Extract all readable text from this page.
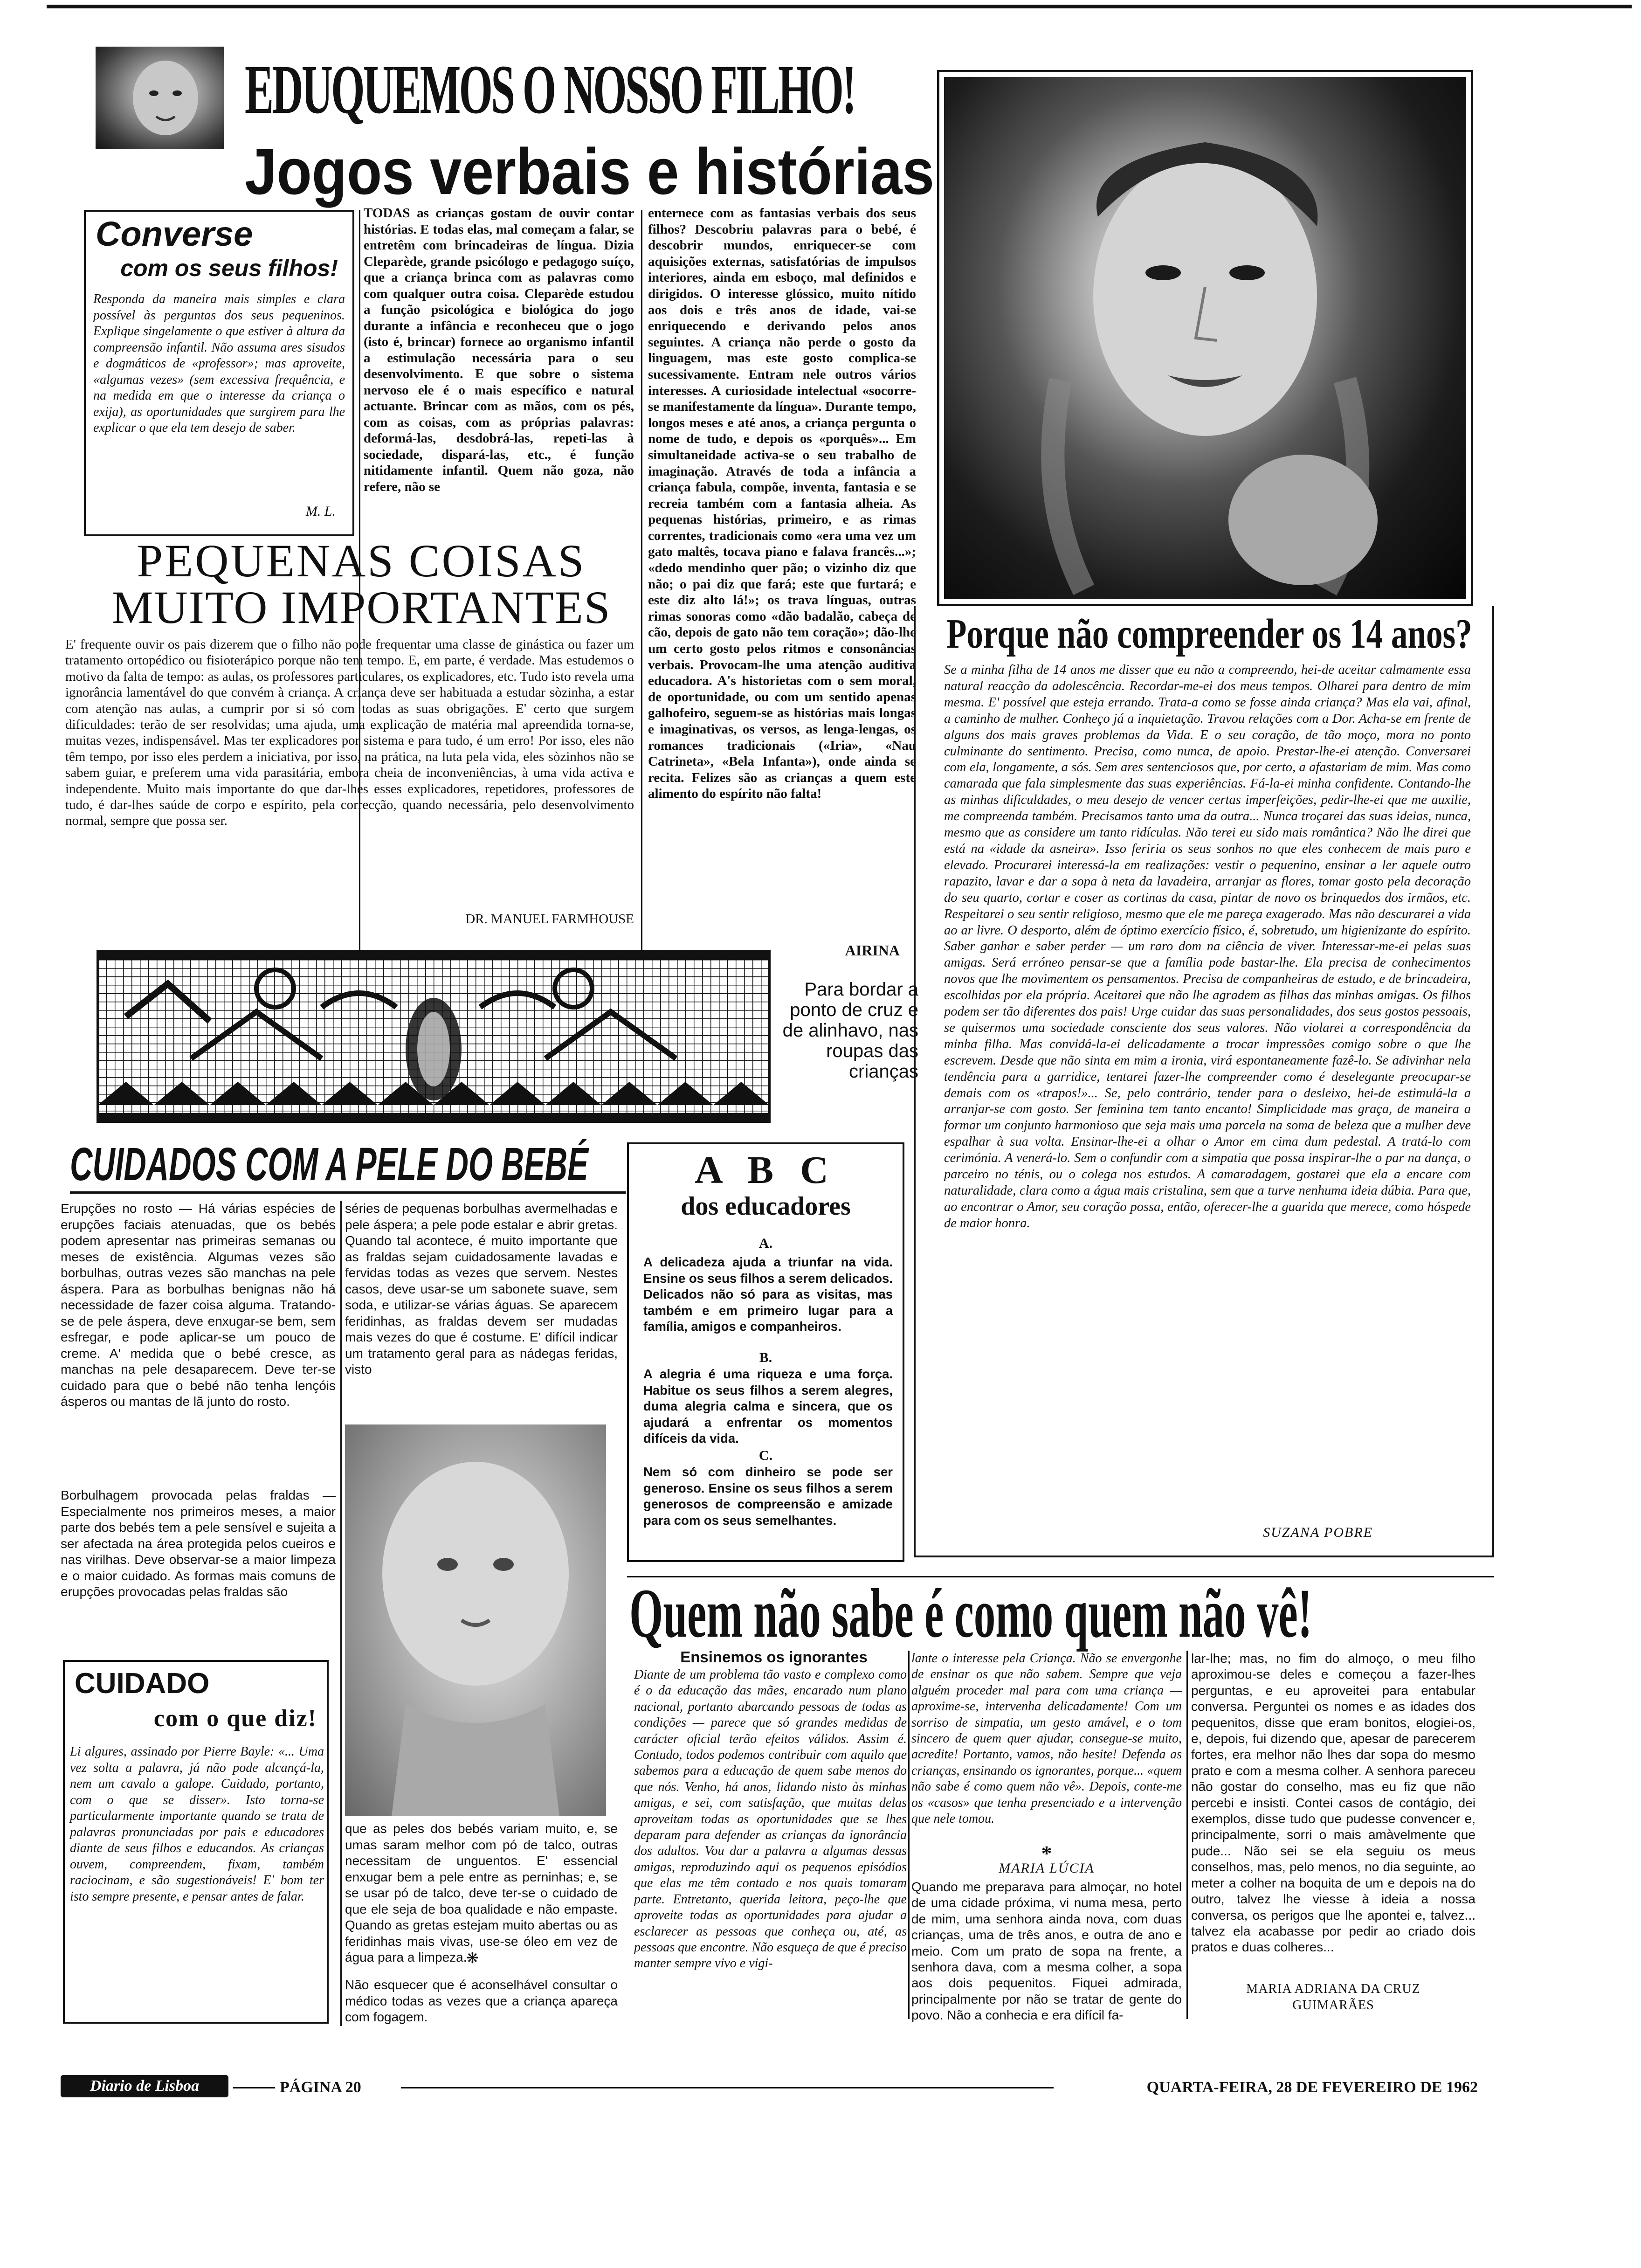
EDUQUEMOS O NOSSO FILHO!
Jogos verbais e histórias
Converse
com os seus filhos!
Responda da maneira mais simples e clara possível às perguntas dos seus pequeninos. Explique singelamente o que estiver à altura da compreensão infantil. Não assuma ares sisudos e dogmáticos de «professor»; mas aproveite, «algumas vezes» (sem excessiva frequência, e na medida em que o interesse da criança o exija), as oportunidades que surgirem para lhe explicar o que ela tem desejo de saber.
M. L.
TODAS as crianças gostam de ouvir contar histórias. E todas elas, mal começam a falar, se entretêm com brincadeiras de língua. Dizia Cleparède, grande psicólogo e pedagogo suíço, que a criança brinca com as palavras como com qualquer outra coisa. Cleparède estudou a função psicológica e biológica do jogo durante a infância e reconheceu que o jogo (isto é, brincar) fornece ao organismo infantil a estimulação necessária para o seu desenvolvimento. E que sobre o sistema nervoso ele é o mais específico e natural actuante. Brincar com as mãos, com os pés, com as coisas, com as próprias palavras: deformá-las, desdobrá-las, repeti-las à sociedade, dispará-las, etc., é função nitidamente infantil. Quem não goza, não refere, não se
enternece com as fantasias verbais dos seus filhos? Descobriu palavras para o bebé, é descobrir mundos, enriquecer-se com aquisições externas, satisfatórias de impulsos interiores, ainda em esboço, mal definidos e dirigidos. O interesse glóssico, muito nítido aos dois e três anos de idade, vai-se enriquecendo e derivando pelos anos seguintes. A criança não perde o gosto da linguagem, mas este gosto complica-se sucessivamente. Entram nele outros vários interesses. A curiosidade intelectual «socorre-se manifestamente da língua». Durante tempo, longos meses e até anos, a criança pergunta o nome de tudo, e depois os «porquês»... Em simultaneidade activa-se o seu trabalho de imaginação. Através de toda a infância a criança fabula, compõe, inventa, fantasia e se recreia também com a fantasia alheia. As pequenas histórias, primeiro, e as rimas correntes, tradicionais como «era uma vez um gato maltês, tocava piano e falava francês...»; «dedo mendinho quer pão; o vizinho diz que não; o pai diz que fará; este que furtará; e este diz alto lá!»; os trava línguas, outras rimas sonoras como «dão badalão, cabeça de cão, depois de gato não tem coração»; dão-lhe um certo gosto pelos ritmos e consonâncias verbais. Provocam-lhe uma atenção auditiva educadora. A's historietas com o sem moral, de oportunidade, ou com um sentido apenas galhofeiro, seguem-se as histórias mais longas e imaginativas, os versos, as lenga-lengas, os romances tradicionais («Iria», «Nau Catrineta», «Bela Infanta»), onde ainda se recita. Felizes são as crianças a quem este alimento do espírito não falta!
AIRINA
PEQUENAS COISAS
MUITO IMPORTANTES
E' frequente ouvir os pais dizerem que o filho não pode frequentar uma classe de ginástica ou fazer um tratamento ortopédico ou fisioterápico porque não tem tempo. E, em parte, é verdade. Mas estudemos o motivo da falta de tempo: as aulas, os professores particulares, os explicadores, etc. Tudo isto revela uma ignorância lamentável do que convém à criança. A criança deve ser habituada a estudar sòzinha, a estar com atenção nas aulas, a cumprir por si só com todas as suas obrigações. E' certo que surgem dificuldades: terão de ser resolvidas; uma ajuda, uma explicação de matéria mal apreendida torna-se, muitas vezes, indispensável. Mas ter explicadores por sistema e para tudo, é um erro! Por isso, eles não têm tempo, por isso eles perdem a iniciativa, por isso, na prática, na luta pela vida, eles sòzinhos não se sabem guiar, e preferem uma vida parasitária, embora cheia de inconveniências, à uma vida activa e independente. Muito mais importante do que dar-lhes esses explicadores, repetidores, professores de tudo, é dar-lhes saúde de corpo e espírito, pela correcção, quando necessária, pelo desenvolvimento normal, sempre que possa ser.
DR. MANUEL FARMHOUSE
Para bordar a ponto de cruz e de alinhavo, nas roupas das crianças
Porque não compreender os 14 anos?
Se a minha filha de 14 anos me disser que eu não a compreendo, hei-de aceitar calmamente essa natural reacção da adolescência. Recordar-me-ei dos meus tempos. Olharei para dentro de mim mesma. E' possível que esteja errando. Trata-a como se fosse ainda criança? Mas ela vai, afinal, a caminho de mulher. Conheço já a inquietação. Travou relações com a Dor. Acha-se em frente de alguns dos mais graves problemas da Vida. E o seu coração, de tão moço, mora no ponto culminante do sentimento. Precisa, como nunca, de apoio. Prestar-lhe-ei atenção. Conversarei com ela, longamente, a sós. Sem ares sentenciosos que, por certo, a afastariam de mim. Mas como camarada que fala simplesmente das suas experiências. Fá-la-ei minha confidente. Contando-lhe as minhas dificuldades, o meu desejo de vencer certas imperfeições, pedir-lhe-ei que me auxilie, me compreenda também. Precisamos tanto uma da outra... Nunca troçarei das suas ideias, nunca, mesmo que as considere um tanto ridículas. Não terei eu sido mais romântica? Não lhe direi que está na «idade da asneira». Isso feriria os seus sonhos no que eles conhecem de mais puro e elevado. Procurarei interessá-la em realizações: vestir o pequenino, ensinar a ler aquele outro rapazito, lavar e dar a sopa à neta da lavadeira, arranjar as flores, tomar gosto pela decoração do seu quarto, cortar e coser as cortinas da casa, pintar de novo os brinquedos dos irmãos, etc. Respeitarei o seu sentir religioso, mesmo que ele me pareça exagerado. Mas não descurarei a vida ao ar livre. O desporto, além de óptimo exercício físico, é, sobretudo, um higienizante do espírito. Saber ganhar e saber perder — um raro dom na ciência de viver. Interessar-me-ei pelas suas amigas. Será erróneo pensar-se que a família pode bastar-lhe. Ela precisa de conhecimentos novos que lhe movimentem os pensamentos. Precisa de companheiras de estudo, e de brincadeira, escolhidas por ela própria. Aceitarei que não lhe agradem as filhas das minhas amigas. Os filhos podem ser tão diferentes dos pais! Urge cuidar das suas personalidades, dos seus gostos pessoais, se quisermos uma sociedade consciente dos seus valores. Não violarei a correspondência da minha filha. Mas convidá-la-ei delicadamente a trocar impressões comigo sobre o que lhe escrevem. Desde que não sinta em mim a ironia, virá espontaneamente fazê-lo. Se adivinhar nela tendência para a garridice, tentarei fazer-lhe compreender como é deselegante preocupar-se demais com os «trapos!»... Se, pelo contrário, tender para o desleixo, hei-de estimulá-la a arranjar-se com gosto. Ser feminina tem tanto encanto! Simplicidade mas graça, de maneira a formar um conjunto harmonioso que seja mais uma parcela na soma de beleza que a mulher deve espalhar à sua volta. Ensinar-lhe-ei a olhar o Amor em cima dum pedestal. A tratá-lo com cerimónia. A venerá-lo. Sem o confundir com a simpatia que possa inspirar-lhe o par na dança, o parceiro no ténis, ou o colega nos estudos. A camaradagem, gostarei que ela a encare com naturalidade, clara como a água mais cristalina, sem que a turve nenhuma ideia dúbia. Para que, ao encontrar o Amor, seu coração possa, então, oferecer-lhe a guarida que merece, como hóspede de maior honra.
SUZANA POBRE
CUIDADOS COM A PELE DO BEBÉ
Erupções no rosto — Há várias espécies de erupções faciais atenuadas, que os bebés podem apresentar nas primeiras semanas ou meses de existência. Algumas vezes são borbulhas, outras vezes são manchas na pele áspera. Para as borbulhas benignas não há necessidade de fazer coisa alguma. Tratando-se de pele áspera, deve enxugar-se bem, sem esfregar, e pode aplicar-se um pouco de creme. A' medida que o bebé cresce, as manchas na pele desaparecem. Deve ter-se cuidado para que o bebé não tenha lençóis ásperos ou mantas de lã junto do rosto.
Borbulhagem provocada pelas fraldas — Especialmente nos primeiros meses, a maior parte dos bebés tem a pele sensível e sujeita a ser afectada na área protegida pelos cueiros e nas virilhas. Deve observar-se a maior limpeza e o maior cuidado. As formas mais comuns de erupções provocadas pelas fraldas são
séries de pequenas borbulhas avermelhadas e pele áspera; a pele pode estalar e abrir gretas. Quando tal acontece, é muito importante que as fraldas sejam cuidadosamente lavadas e fervidas todas as vezes que servem. Nestes casos, deve usar-se um sabonete suave, sem soda, e utilizar-se várias águas. Se aparecem feridinhas, as fraldas devem ser mudadas mais vezes do que é costume. E' difícil indicar um tratamento geral para as nádegas feridas, visto
que as peles dos bebés variam muito, e, se umas saram melhor com pó de talco, outras necessitam de unguentos. E' essencial enxugar bem a pele entre as perninhas; e, se se usar pó de talco, deve ter-se o cuidado de que ele seja de boa qualidade e não empaste. Quando as gretas estejam muito abertas ou as feridinhas mais vivas, use-se óleo em vez de água para a limpeza.
❋
Não esquecer que é aconselhável consultar o médico todas as vezes que a criança apareça com fogagem.
A B C
dos educadores
A.
A delicadeza ajuda a triunfar na vida. Ensine os seus filhos a serem delicados. Delicados não só para as visitas, mas também e em primeiro lugar para a família, amigos e companheiros.
B.
A alegria é uma riqueza e uma força. Habitue os seus filhos a serem alegres, duma alegria calma e sincera, que os ajudará a enfrentar os momentos difíceis da vida.
C.
Nem só com dinheiro se pode ser generoso. Ensine os seus filhos a serem generosos de compreensão e amizade para com os seus semelhantes.
CUIDADO
com o que diz!
Li algures, assinado por Pierre Bayle: «... Uma vez solta a palavra, já não pode alcançá-la, nem um cavalo a galope. Cuidado, portanto, com o que se disser». Isto torna-se particularmente importante quando se trata de palavras pronunciadas por pais e educadores diante de seus filhos e educandos. As crianças ouvem, compreendem, fixam, também raciocinam, e são sugestionáveis! E' bom ter isto sempre presente, e pensar antes de falar.
Quem não sabe é como quem não vê!
Ensinemos os ignorantes
Diante de um problema tão vasto e complexo como é o da educação das mães, encarado num plano nacional, portanto abarcando pessoas de todas as condições — parece que só grandes medidas de carácter oficial terão efeitos válidos. Assim é. Contudo, todos podemos contribuir com aquilo que sabemos para a educação de quem sabe menos do que nós. Venho, há anos, lidando nisto às minhas amigas, e sei, com satisfação, que muitas delas aproveitam todas as oportunidades que se lhes deparam para defender as crianças da ignorância dos adultos. Vou dar a palavra a algumas dessas amigas, reproduzindo aqui os pequenos episódios que elas me têm contado e nos quais tomaram parte. Entretanto, querida leitora, peço-lhe que aproveite todas as oportunidades para ajudar a esclarecer as pessoas que conheça ou, até, as pessoas que encontre. Não esqueça de que é preciso manter sempre vivo e vigi-
lante o interesse pela Criança. Não se envergonhe de ensinar os que não sabem. Sempre que veja alguém proceder mal para com uma criança — aproxime-se, intervenha delicadamente! Com um sorriso de simpatia, um gesto amável, e o tom sincero de quem quer ajudar, consegue-se muito, acredite! Portanto, vamos, não hesite! Defenda as crianças, ensinando os ignorantes, porque... «quem não sabe é como quem não vê». Depois, conte-me os «casos» que tenha presenciado e a intervenção que nele tomou.
*
MARIA LÚCIA
Quando me preparava para almoçar, no hotel de uma cidade próxima, vi numa mesa, perto de mim, uma senhora ainda nova, com duas crianças, uma de três anos, e outra de ano e meio. Com um prato de sopa na frente, a senhora dava, com a mesma colher, a sopa aos dois pequenitos. Fiquei admirada, principalmente por não se tratar de gente do povo. Não a conhecia e era difícil fa-
lar-lhe; mas, no fim do almoço, o meu filho aproximou-se deles e começou a fazer-lhes perguntas, e eu aproveitei para entabular conversa. Perguntei os nomes e as idades dos pequenitos, disse que eram bonitos, elogiei-os, e, depois, fui dizendo que, apesar de parecerem fortes, era melhor não lhes dar sopa do mesmo prato e com a mesma colher. A senhora pareceu não gostar do conselho, mas eu fiz que não percebi e insisti. Contei casos de contágio, dei exemplos, disse tudo que pudesse convencer e, principalmente, sorri o mais amàvelmente que pude... Não sei se ela seguiu os meus conselhos, mas, pelo menos, no dia seguinte, ao meter a colher na boquita de um e depois na do outro, talvez lhe viesse à ideia a nossa conversa, os perigos que lhe apontei e, talvez... talvez ela acabasse por pedir ao criado dois pratos e duas colheres...
MARIA ADRIANA DA CRUZ
GUIMARÃES
Diario de Lisboa	PÁGINA 20	QUARTA-FEIRA, 28 DE FEVEREIRO DE 1962
